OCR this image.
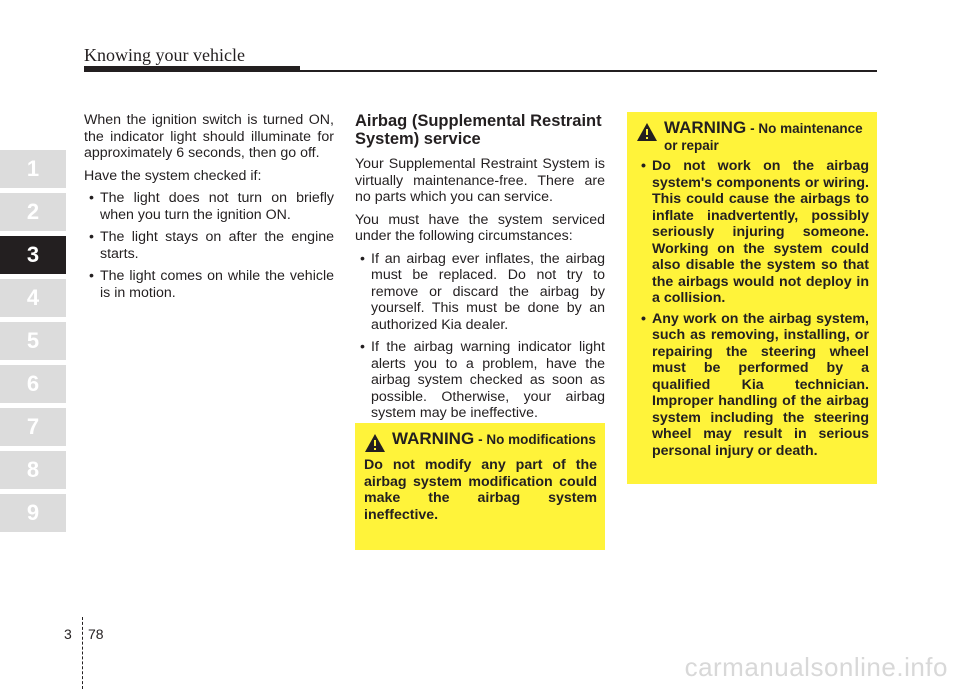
Knowing your vehicle
1
2
3
4
5
6
7
8
9

When the ignition switch is turned ON, the indicator light should illuminate for approximately 6 seconds, then go off.

Have the system checked if:

• The light does not turn on briefly when you turn the ignition ON.
• The light stays on after the engine starts.
• The light comes on while the vehicle is in motion.
Airbag (Supplemental Restraint System) service

Your Supplemental Restraint System is virtually maintenance-free. There are no parts which you can service.

You must have the system serviced under the following circumstances:

• If an airbag ever inflates, the airbag must be replaced. Do not try to remove or discard the airbag by yourself. This must be done by an authorized Kia dealer.
• If the airbag warning indicator light alerts you to a problem, have the airbag system checked as soon as possible. Otherwise, your airbag system may be ineffective.
WARNING - No modifications
Do not modify any part of the airbag system modification could make the airbag system ineffective.
WARNING - No maintenance or repair
• Do not work on the airbag system's components or wiring. This could cause the airbags to inflate inadvertently, possibly seriously injuring someone. Working on the system could also disable the system so that the airbags would not deploy in a collision.
• Any work on the airbag system, such as removing, installing, or repairing the steering wheel must be performed by a qualified Kia technician. Improper handling of the airbag system including the steering wheel may result in serious personal injury or death.
3 78
carmanualsonline.info
